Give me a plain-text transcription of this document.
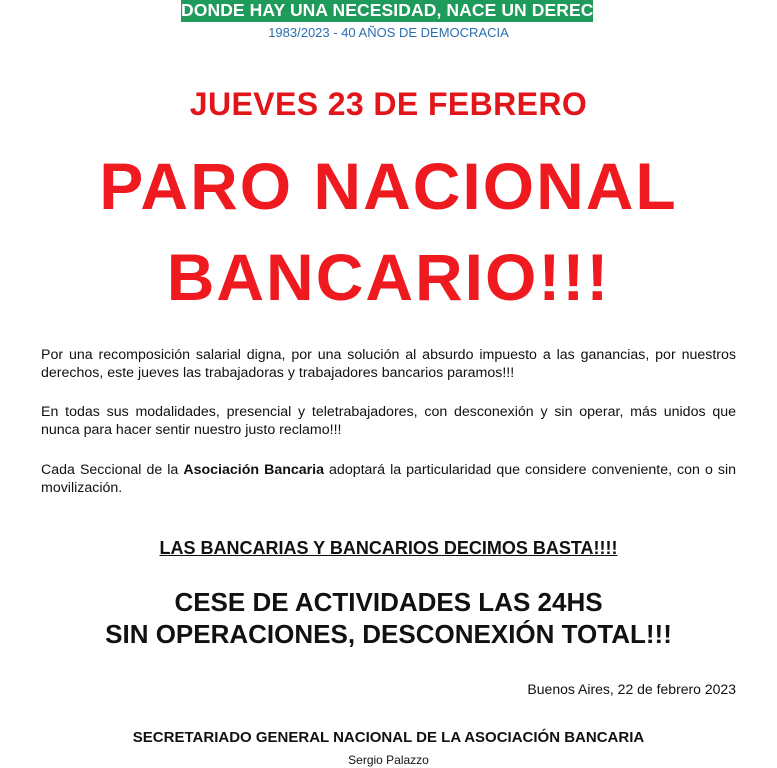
DONDE HAY UNA NECESIDAD, NACE UN DERECHO
1983/2023 - 40 AÑOS DE DEMOCRACIA
JUEVES 23 DE FEBRERO
PARO NACIONAL
BANCARIO!!!
Por una recomposición salarial digna, por una solución al absurdo impuesto a las ganancias, por nuestros derechos, este jueves las trabajadoras y trabajadores bancarios paramos!!!
En todas sus modalidades, presencial y teletrabajadores, con desconexión y sin operar, más unidos que nunca para hacer sentir nuestro justo reclamo!!!
Cada Seccional de la Asociación Bancaria adoptará la particularidad que considere conveniente, con o sin movilización.
LAS BANCARIAS Y BANCARIOS DECIMOS BASTA!!!!
CESE DE ACTIVIDADES LAS 24HS
SIN OPERACIONES, DESCONEXIÓN TOTAL!!!
Buenos Aires, 22 de febrero 2023
SECRETARIADO GENERAL NACIONAL DE LA ASOCIACIÓN BANCARIA
Sergio Palazzo
